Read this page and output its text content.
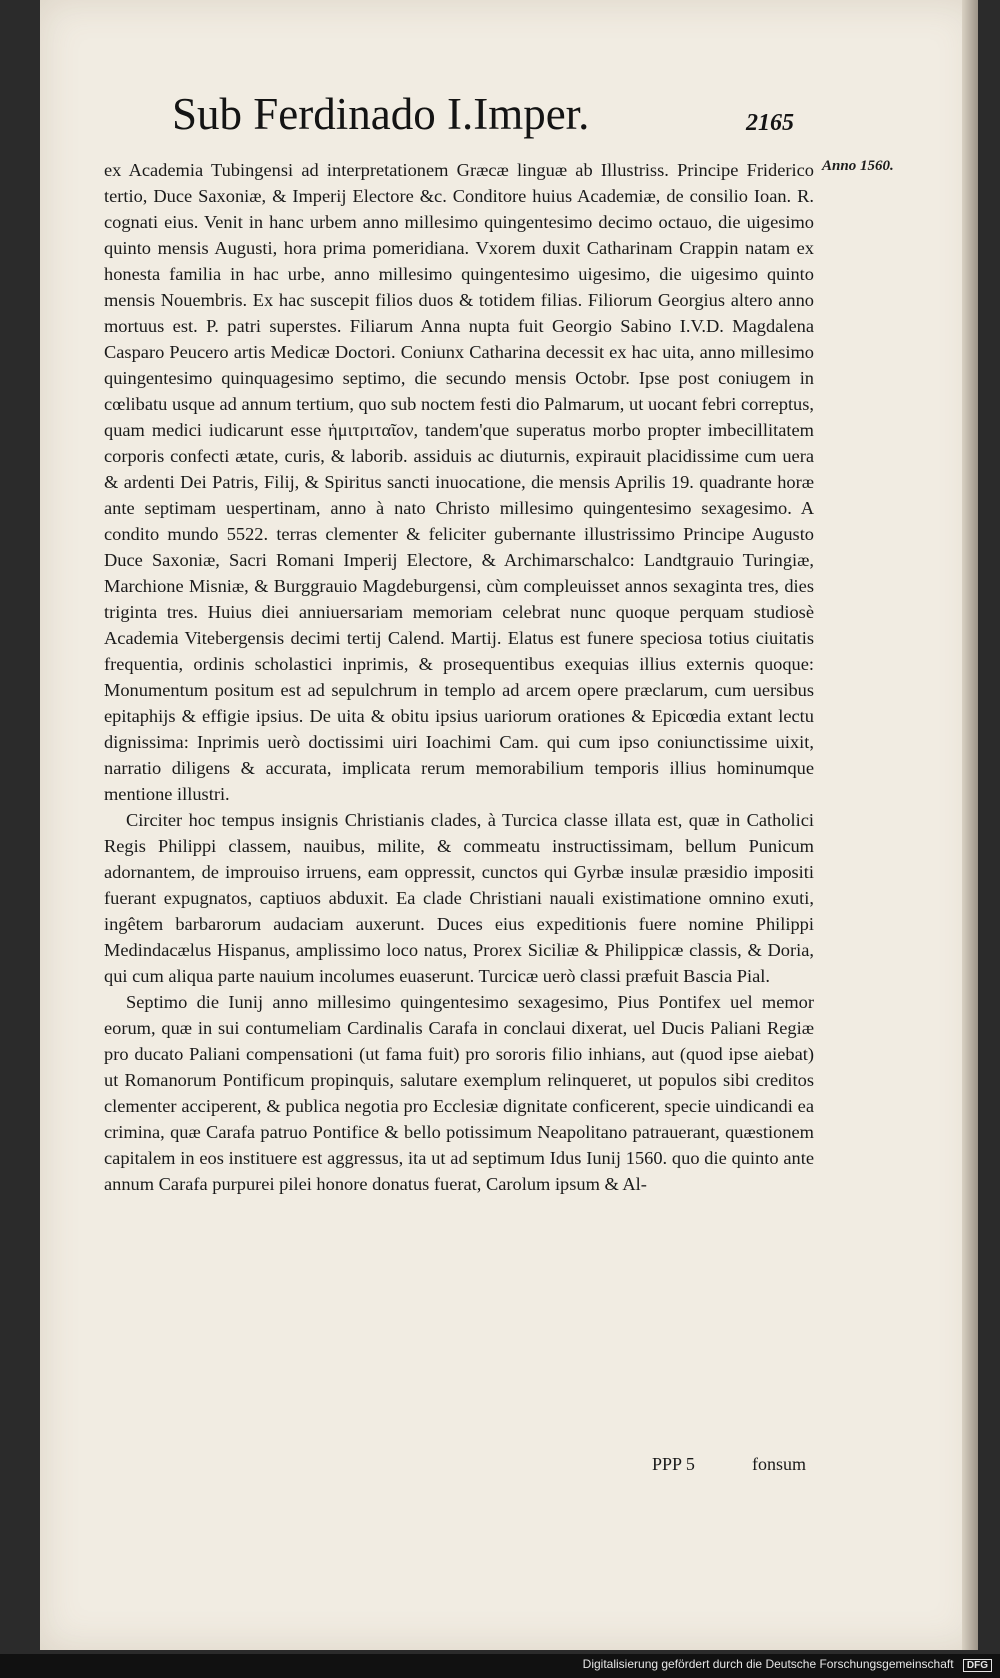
Sub Ferdinado I.Imper.	2165
Anno 1560.

ex Academia Tubingensi ad interpretationem Græcæ linguæ ab Illustriss. Principe Friderico tertio, Duce Saxoniæ, & Imperij Electore &c. Conditore huius Academiæ, de consilio Ioan. R. cognati eius. Venit in hanc urbem anno millesimo quingentesimo decimo octauo, die uigesimo quinto mensis Augusti, hora prima pomeridiana. Vxorem duxit Catharinam Crappin natam ex honesta familia in hac urbe, anno millesimo quingentesimo uigesimo, die uigesimo quinto mensis Nouembris. Ex hac suscepit filios duos & totidem filias. Filiorum Georgius altero anno mortuus est. P. patri superstes. Filiarum Anna nupta fuit Georgio Sabino I.V.D. Magdalena Casparo Peucero artis Medicæ Doctori. Coniunx Catharina decessit ex hac uita, anno millesimo quingentesimo quinquagesimo septimo, die secundo mensis Octobr. Ipse post coniugem in cœlibatu usque ad annum tertium, quo sub noctem festi dio Palmarum, ut uocant febri correptus, quam medici iudicarunt esse ἡμιτριταῖον, tandem'que superatus morbo propter imbecillitatem corporis confecti ætate, curis, & laborib. assiduis ac diuturnis, expirauit placidissime cum uera & ardenti Dei Patris, Filij, & Spiritus sancti inuocatione, die mensis Aprilis 19. quadrante horæ ante septimam uespertinam, anno à nato Christo millesimo quingentesimo sexagesimo. A condito mundo 5522. terras clementer & feliciter gubernante illustrissimo Principe Augusto Duce Saxoniæ, Sacri Romani Imperij Electore, & Archimarschalco: Landtgrauio Turingiæ, Marchione Misniæ, & Burggrauio Magdeburgensi, cùm compleuisset annos sexaginta tres, dies triginta tres. Huius diei anniuersariam memoriam celebrat nunc quoque perquam studiosè Academia Vitebergensis decimi tertij Calend. Martij. Elatus est funere speciosa totius ciuitatis frequentia, ordinis scholastici inprimis, & prosequentibus exequias illius externis quoque: Monumentum positum est ad sepulchrum in templo ad arcem opere præclarum, cum uersibus epitaphijs & effigie ipsius. De uita & obitu ipsius uariorum orationes & Epicœdia extant lectu dignissima: Inprimis uerò doctissimi uiri Ioachimi Cam. qui cum ipso coniunctissime uixit, narratio diligens & accurata, implicata rerum memorabilium temporis illius hominumque mentione illustri.

Circiter hoc tempus insignis Christianis clades, à Turcica classe illata est, quæ in Catholici Regis Philippi classem, nauibus, milite, & commeatu instructissimam, bellum Punicum adornantem, de improuiso irruens, eam oppressit, cunctos qui Gyrbæ insulæ præsidio impositi fuerant expugnatos, captiuos abduxit. Ea clade Christiani nauali existimatione omnino exuti, ingêtem barbarorum audaciam auxerunt. Duces eius expeditionis fuere nomine Philippi Medindacælus Hispanus, amplissimo loco natus, Prorex Siciliæ & Philippicæ classis, & Doria, qui cum aliqua parte nauium incolumes euaserunt. Turcicæ uerò classi præfuit Bascia Pial.

Septimo die Iunij anno millesimo quingentesimo sexagesimo, Pius Pontifex uel memor eorum, quæ in sui contumeliam Cardinalis Carafa in conclaui dixerat, uel Ducis Paliani Regiæ pro ducato Paliani compensationi (ut fama fuit) pro sororis filio inhians, aut (quod ipse aiebat) ut Romanorum Pontificum propinquis, salutare exemplum relinqueret, ut populos sibi creditos clementer acciperent, & publica negotia pro Ecclesiæ dignitate conficerent, specie uindicandi ea crimina, quæ Carafa patruo Pontifice & bello potissimum Neapolitano patrauerant, quæstionem capitalem in eos instituere est aggressus, ita ut ad septimum Idus Iunij 1560. quo die quinto ante annum Carafa purpurei pilei honore donatus fuerat, Carolum ipsum & Al-

PPP 5	fonsum
Digitalisierung gefördert durch die Deutsche Forschungsgemeinschaft DFG
